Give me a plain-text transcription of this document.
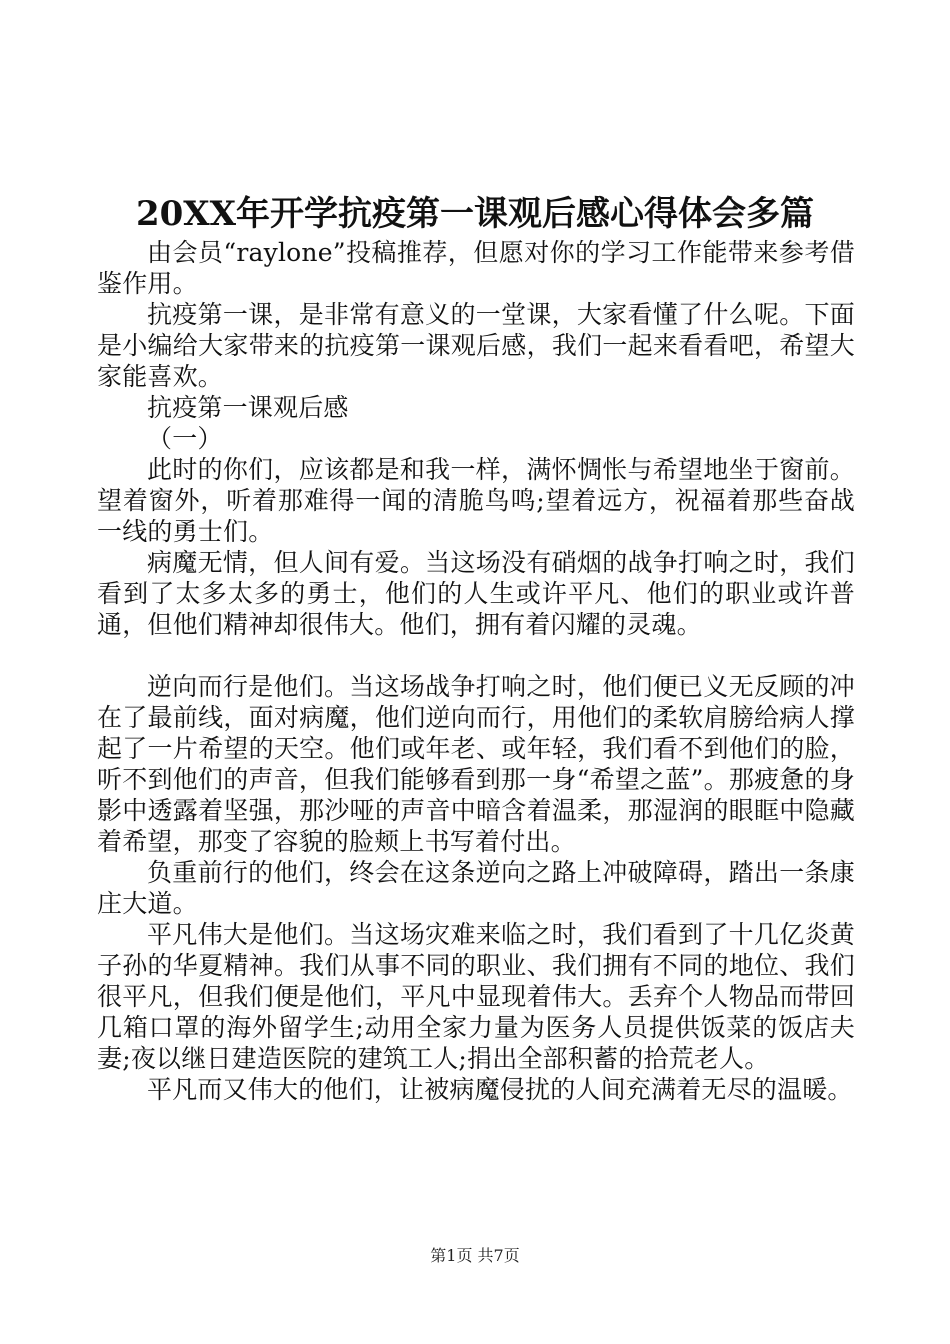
20XX年开学抗疫第一课观后感心得体会多篇

由会员“raylone”投稿推荐，但愿对你的学习工作能带来参考借鉴作用。

抗疫第一课，是非常有意义的一堂课，大家看懂了什么呢。下面是小编给大家带来的抗疫第一课观后感，我们一起来看看吧，希望大家能喜欢。

抗疫第一课观后感

（一）

此时的你们，应该都是和我一样，满怀惆怅与希望地坐于窗前。望着窗外，听着那难得一闻的清脆鸟鸣;望着远方，祝福着那些奋战一线的勇士们。

病魔无情，但人间有爱。当这场没有硝烟的战争打响之时，我们看到了太多太多的勇士，他们的人生或许平凡、他们的职业或许普通，但他们精神却很伟大。他们，拥有着闪耀的灵魂。

逆向而行是他们。当这场战争打响之时，他们便已义无反顾的冲在了最前线，面对病魔，他们逆向而行，用他们的柔软肩膀给病人撑起了一片希望的天空。他们或年老、或年轻，我们看不到他们的脸，听不到他们的声音，但我们能够看到那一身“希望之蓝”。那疲惫的身影中透露着坚强，那沙哑的声音中暗含着温柔，那湿润的眼眶中隐藏着希望，那变了容貌的脸颊上书写着付出。

负重前行的他们，终会在这条逆向之路上冲破障碍，踏出一条康庄大道。

平凡伟大是他们。当这场灾难来临之时，我们看到了十几亿炎黄子孙的华夏精神。我们从事不同的职业、我们拥有不同的地位、我们很平凡，但我们便是他们，平凡中显现着伟大。丢弃个人物品而带回几箱口罩的海外留学生;动用全家力量为医务人员提供饭菜的饭店夫妻;夜以继日建造医院的建筑工人;捐出全部积蓄的拾荒老人。

平凡而又伟大的他们，让被病魔侵扰的人间充满着无尽的温暖。

第1页 共7页
